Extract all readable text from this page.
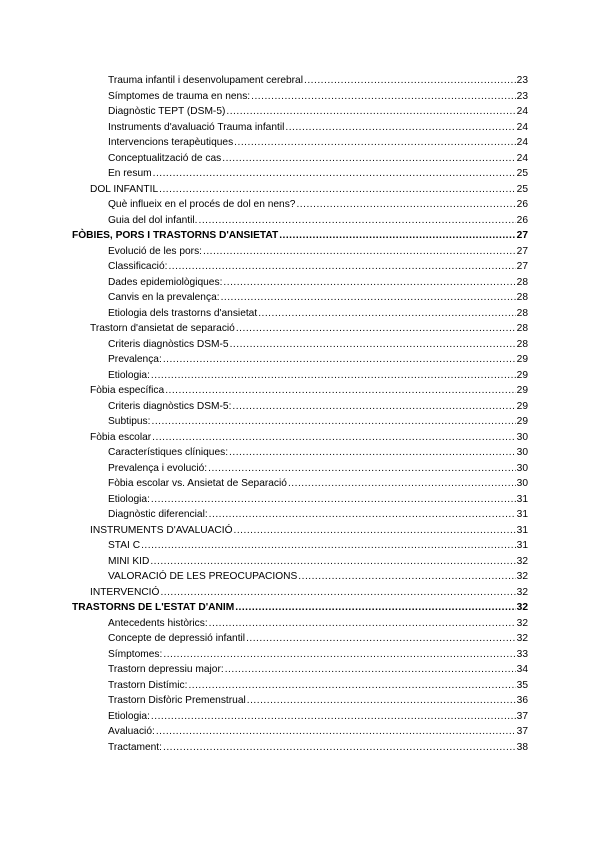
Trauma infantil i desenvolupament cerebral .....	23
Símptomes de trauma en nens: .....	23
Diagnòstic TEPT (DSM-5) .....	24
Instruments d'avaluació Trauma infantil .....	24
Intervencions terapèutiques .....	24
Conceptualització de cas .....	24
En resum .....	25
DOL INFANTIL .....	25
Què influeix en el procés de dol en nens? .....	26
Guia del dol infantil. .....	26
FÒBIES, PORS I TRASTORNS D'ANSIETAT .....	27
Evolució de les pors: .....	27
Classificació: .....	27
Dades epidemiològiques: .....	28
Canvis en la prevalença: .....	28
Etiologia dels trastorns d'ansietat .....	28
Trastorn d'ansietat de separació .....	28
Criteris diagnòstics DSM-5 .....	28
Prevalença: .....	29
Etiologia: .....	29
Fòbia específica .....	29
Criteris diagnòstics DSM-5: .....	29
Subtipus: .....	29
Fòbia escolar .....	30
Característiques clíniques: .....	30
Prevalença i evolució: .....	30
Fòbia escolar vs. Ansietat de Separació .....	30
Etiologia: .....	31
Diagnòstic diferencial: .....	31
INSTRUMENTS D'AVALUACIÓ .....	31
STAI C .....	31
MINI KID .....	32
VALORACIÓ DE LES PREOCUPACIONS .....	32
INTERVENCIÓ .....	32
TRASTORNS DE L'ESTAT D'ANIM .....	32
Antecedents històrics: .....	32
Concepte de depressió infantil .....	32
Símptomes: .....	33
Trastorn depressiu major: .....	34
Trastorn Distímic: .....	35
Trastorn Disfòric Premenstrual .....	36
Etiologia: .....	37
Avaluació: .....	37
Tractament: .....	38
